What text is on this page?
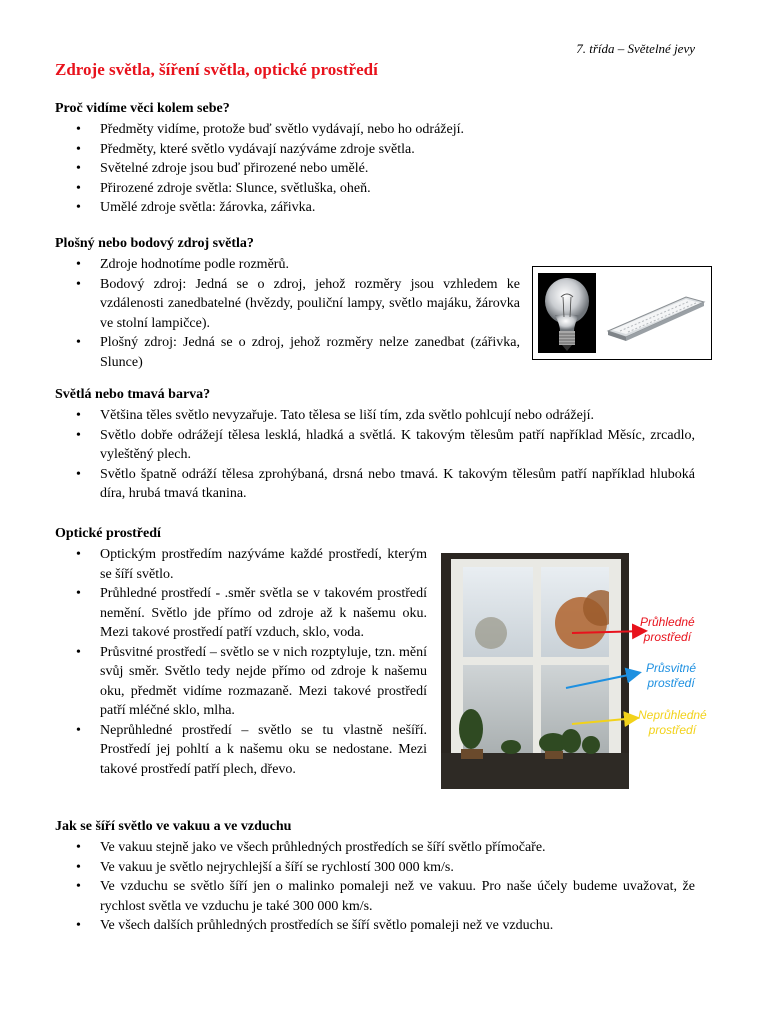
7. třída – Světelné jevy
Zdroje světla, šíření světla, optické prostředí
Proč vidíme věci kolem sebe?
• Předměty vidíme, protože buď světlo vydávají, nebo ho odrážejí.
• Předměty, které světlo vydávají nazýváme zdroje světla.
• Světelné zdroje jsou buď přirozené nebo umělé.
• Přirozené zdroje světla: Slunce, světluška, oheň.
• Umělé zdroje světla: žárovka, zářivka.
Plošný nebo bodový zdroj světla?
• Zdroje hodnotíme podle rozměrů.
• Bodový zdroj: Jedná se o zdroj, jehož rozměry jsou vzhledem ke vzdálenosti zanedbatelné (hvězdy, pouliční lampy, světlo majáku, žárovka ve stolní lampičce).
• Plošný zdroj: Jedná se o zdroj, jehož rozměry nelze zanedbat (zářivka, Slunce)
Světlá nebo tmavá barva?
• Většina těles světlo nevyzařuje. Tato tělesa se liší tím, zda světlo pohlcují nebo odrážejí.
• Světlo dobře odrážejí tělesa lesklá, hladká a světlá. K takovým tělesům patří například Měsíc, zrcadlo, vyleštěný plech.
• Světlo špatně odráží tělesa zprohýbaná, drsná nebo tmavá. K takovým tělesům patří například hluboká díra, hrubá tmavá tkanina.
Optické prostředí
• Optickým prostředím nazýváme každé prostředí, kterým se šíří světlo.
• Průhledné prostředí - .směr světla se v takovém prostředí nemění. Světlo jde přímo od zdroje až k našemu oku. Mezi takové prostředí patří vzduch, sklo, voda.
• Průsvitné prostředí – světlo se v nich rozptyluje, tzn. mění svůj směr. Světlo tedy nejde přímo od zdroje k našemu oku, předmět vidíme rozmazaně. Mezi takové prostředí patří mléčné sklo, mlha.
• Neprůhledné prostředí – světlo se tu vlastně nešíří. Prostředí jej pohltí a k našemu oku se nedostane. Mezi takové prostředí patří plech, dřevo.
Průhledné
prostředí
Průsvitné
prostředí
Neprůhledné
prostředí
Jak se šíří světlo ve vakuu a ve vzduchu
• Ve vakuu stejně jako ve všech průhledných prostředích se šíří světlo přímočaře.
• Ve vakuu je světlo nejrychlejší a šíří se rychlostí 300 000 km/s.
• Ve vzduchu se světlo šíří jen o malinko pomaleji než ve vakuu. Pro naše účely budeme uvažovat, že rychlost světla ve vzduchu je také 300 000 km/s.
• Ve všech dalších průhledných prostředích se šíří světlo pomaleji než ve vzduchu.
